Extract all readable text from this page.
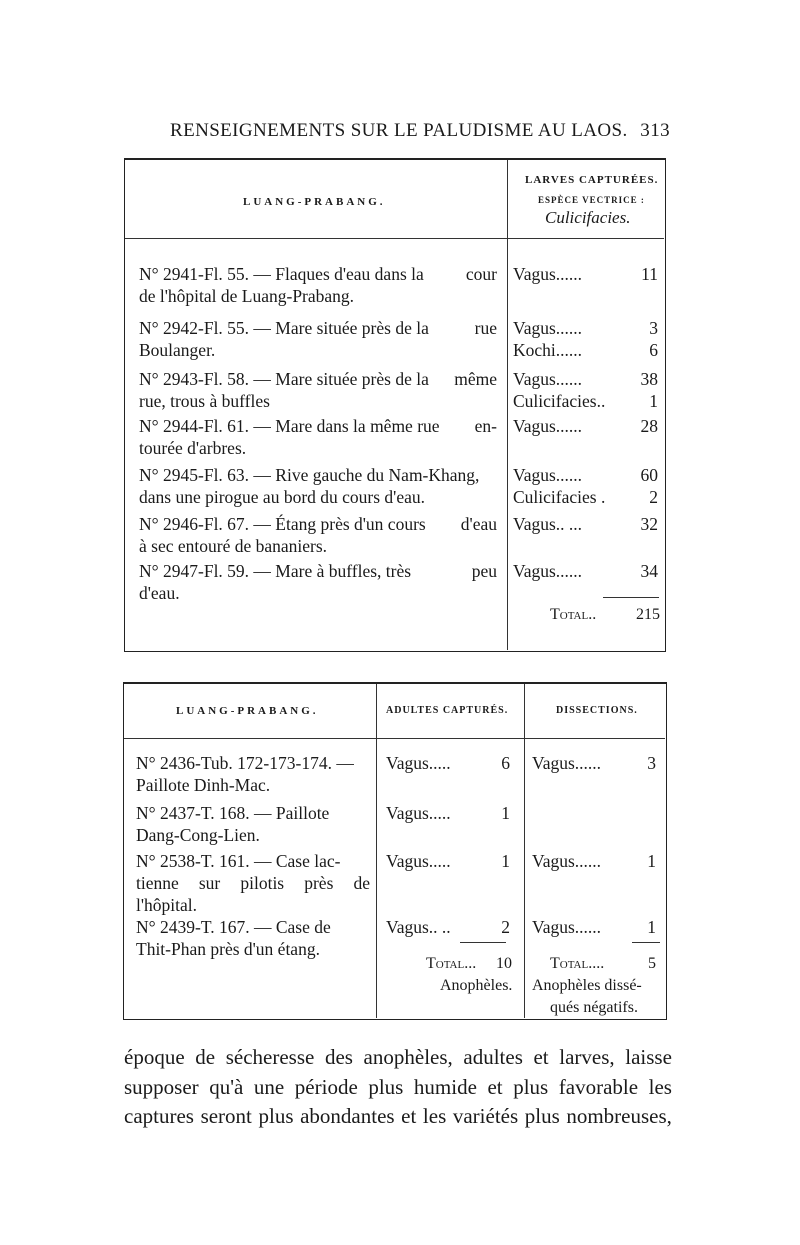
RENSEIGNEMENTS SUR LE PALUDISME AU LAOS. 313
LUANG-PRABANG.
LARVES CAPTURÉES.
ESPÈCE VECTRICE :
Culicifacies.
N° 2941-Fl. 55. — Flaques d'eau dans la cour
de l'hôpital de Luang-Prabang.
Vagus......	11
N° 2942-Fl. 55. — Mare située près de la	rue
Boulanger.
Vagus......	3
Kochi......	6
N° 2943-Fl. 58. — Mare située près de la même
rue, trous à buffles
Vagus......	38
Culicifacies..	1
N° 2944-Fl. 61. — Mare dans la même rue en-
tourée d'arbres.
Vagus......	28
N° 2945-Fl. 63. — Rive gauche du Nam-Khang,
dans une pirogue au bord du cours d'eau.
Vagus......	60
Culicifacies .	2
N° 2946-Fl. 67. — Étang près d'un cours d'eau
à sec entouré de bananiers.
Vagus.. ...	32
N° 2947-Fl. 59. — Mare à buffles, très	peu
d'eau.
Vagus......	34
Total.. 215
LUANG-PRABANG.	ADULTES CAPTURÉS.	DISSECTIONS.
N° 2436-Tub. 172-173-174. —
Paillote Dinh-Mac.
Vagus.....	6 Vagus......	3
N° 2437-T. 168. — Paillote
Dang-Cong-Lien.
Vagus.....	1
N° 2538-T. 161. — Case lac-
tienne sur pilotis près de
l'hôpital.
Vagus.....	1 Vagus......	1
N° 2439-T. 167. — Case de
Thit-Phan près d'un étang.
Vagus.. ..	2 Vagus......	1
Total... 10
Anophèles.
Total....	5
Anophèles dissé-
qués négatifs.
époque de sécheresse des anophèles, adultes et larves, laisse
supposer qu'à une période plus humide et plus favorable les
captures seront plus abondantes et les variétés plus nombreuses,
